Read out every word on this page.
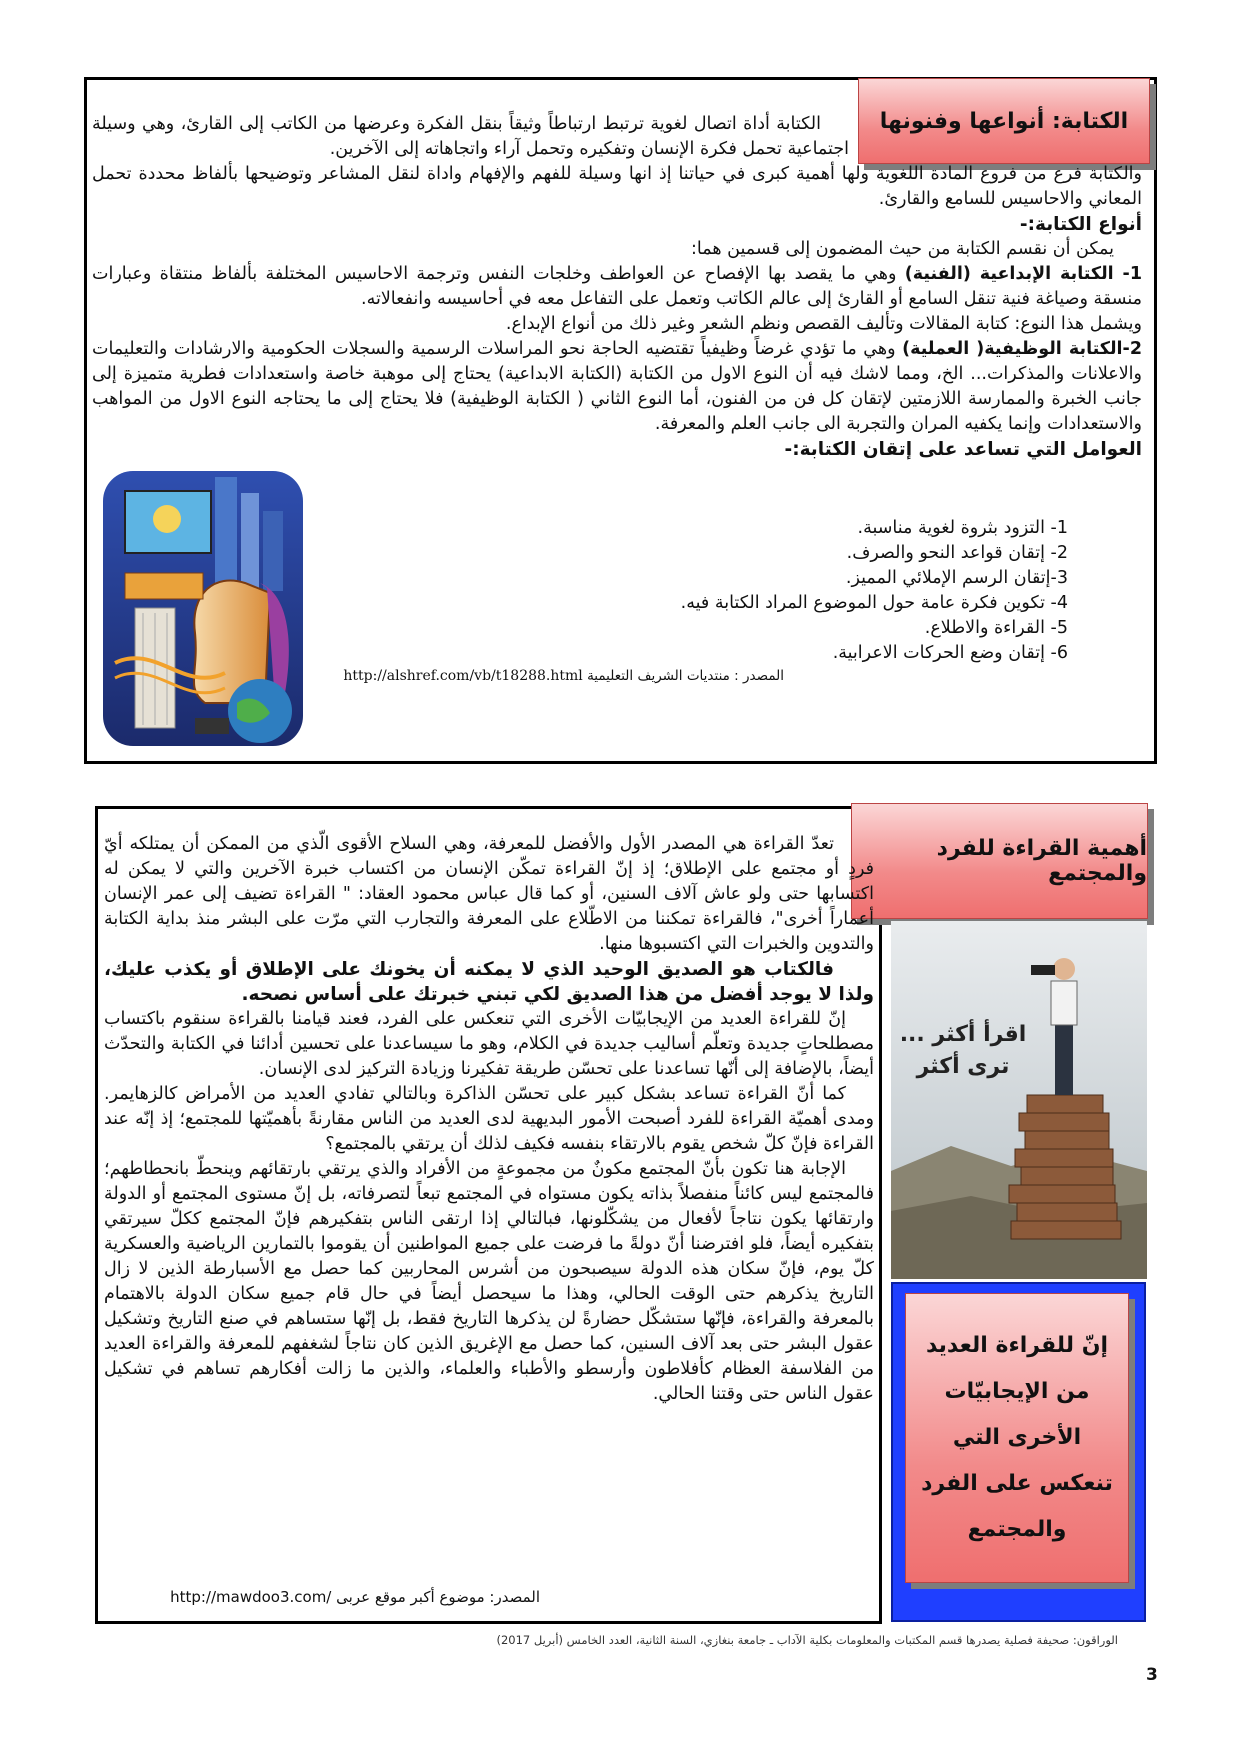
الكتابة: أنواعها وفنونها

الكتابة أداة اتصال لغوية ترتبط ارتباطاً وثيقاً بنقل الفكرة وعرضها من الكاتب إلى القارئ، وهي وسيلة اجتماعية تحمل فكرة الإنسان وتفكيره وتحمل آراء واتجاهاته إلى الآخرين.

والكتابة فرع من فروع المادة اللغوية ولها أهمية كبرى في حياتنا إذ انها وسيلة للفهم والإفهام واداة لنقل المشاعر وتوضيحها بألفاظ محددة تحمل المعاني والاحاسيس للسامع والقارئ.

أنواع الكتابة:-

يمكن أن نقسم الكتابة من حيث المضمون إلى قسمين هما:

1- الكتابة الإبداعية (الفنية) وهي ما يقصد بها الإفصاح عن العواطف وخلجات النفس وترجمة الاحاسيس المختلفة بألفاظ منتقاة وعبارات منسقة وصياغة فنية تنقل السامع أو القارئ إلى عالم الكاتب وتعمل على التفاعل معه في أحاسيسه وانفعالاته.

ويشمل هذا النوع: كتابة المقالات وتأليف القصص ونظم الشعر وغير ذلك من أنواع الإبداع.

2-الكتابة الوظيفية( العملية) وهي ما تؤدي غرضاً وظيفياً تقتضيه الحاجة نحو المراسلات الرسمية والسجلات الحكومية والارشادات والتعليمات والاعلانات والمذكرات... الخ، ومما لاشك فيه أن النوع الاول من الكتابة (الكتابة الابداعية) يحتاج إلى موهبة خاصة واستعدادات فطرية متميزة إلى جانب الخبرة والممارسة اللازمتين لإتقان كل فن من الفنون، أما النوع الثاني ( الكتابة الوظيفية) فلا يحتاج إلى ما يحتاجه النوع الاول من المواهب والاستعدادات وإنما يكفيه المران والتجربة الى جانب العلم والمعرفة.

العوامل التي تساعد على إتقان الكتابة:-

1- التزود بثروة لغوية مناسبة.
2- إتقان قواعد النحو والصرف.
3-إتقان الرسم الإملائي المميز.
4- تكوين فكرة عامة حول الموضوع المراد الكتابة فيه.
5- القراءة والاطلاع.
6- إتقان وضع الحركات الاعرابية.
المصدر : منتديات الشريف التعليمية http://alshref.com/vb/t18288.html
أهمية القراءة للفرد والمجتمع
اقرأ أكثر ...
ترى أكثر
إنّ للقراءة العديد من الإيجابيّات الأخرى التي تنعكس على الفرد والمجتمع

تعدّ القراءة هي المصدر الأول والأفضل للمعرفة، وهي السلاح الأقوى الّذي من الممكن أن يمتلكه أيّ فردٍ أو مجتمع على الإطلاق؛ إذ إنّ القراءة تمكّن الإنسان من اكتساب خبرة الآخرين والتي لا يمكن له اكتسابها حتى ولو عاش آلاف السنين، أو كما قال عباس محمود العقاد: " القراءة تضيف إلى عمر الإنسان أعماراً أخرى"، فالقراءة تمكننا من الاطّلاع على المعرفة والتجارب التي مرّت على البشر منذ بداية الكتابة والتدوين والخبرات التي اكتسبوها منها.

فالكتاب هو الصديق الوحيد الذي لا يمكنه أن يخونك على الإطلاق أو يكذب عليك، ولذا لا يوجد أفضل من هذا الصديق لكي تبني خبرتك على أساس نصحه.

إنّ للقراءة العديد من الإيجابيّات الأخرى التي تنعكس على الفرد، فعند قيامنا بالقراءة سنقوم باكتساب مصطلحاتٍ جديدة وتعلّم أساليب جديدة في الكلام، وهو ما سيساعدنا على تحسين أدائنا في الكتابة والتحدّث أيضاً، بالإضافة إلى أنّها تساعدنا على تحسّن طريقة تفكيرنا وزيادة التركيز لدى الإنسان.

كما أنّ القراءة تساعد بشكل كبير على تحسّن الذاكرة وبالتالي تفادي العديد من الأمراض كالزهايمر. ومدى أهميّة القراءة للفرد أصبحت الأمور البديهية لدى العديد من الناس مقارنةً بأهميّتها للمجتمع؛ إذ إنّه عند القراءة فإنّ كلّ شخص يقوم بالارتقاء بنفسه فكيف لذلك أن يرتقي بالمجتمع؟

الإجابة هنا تكون بأنّ المجتمع مكونٌ من مجموعةٍ من الأفراد والذي يرتقي بارتقائهم وينحطّ بانحطاطهم؛ فالمجتمع ليس كائناً منفصلاً بذاته يكون مستواه في المجتمع تبعاً لتصرفاته، بل إنّ مستوى المجتمع أو الدولة وارتقائها يكون نتاجاً لأفعال من يشكّلونها، فبالتالي إذا ارتقى الناس بتفكيرهم فإنّ المجتمع ككلّ سيرتقي بتفكيره أيضاً، فلو افترضنا أنّ دولةً ما فرضت على جميع المواطنين أن يقوموا بالتمارين الرياضية والعسكرية كلّ يوم، فإنّ سكان هذه الدولة سيصبحون من أشرس المحاربين كما حصل مع الأسبارطة الذين لا زال التاريخ يذكرهم حتى الوقت الحالي، وهذا ما سيحصل أيضاً في حال قام جميع سكان الدولة بالاهتمام بالمعرفة والقراءة، فإنّها ستشكّل حضارةً لن يذكرها التاريخ فقط، بل إنّها ستساهم في صنع التاريخ وتشكيل عقول البشر حتى بعد آلاف السنين، كما حصل مع الإغريق الذين كان نتاجاً لشغفهم للمعرفة والقراءة العديد من الفلاسفة العظام كأفلاطون وأرسطو والأطباء والعلماء، والذين ما زالت أفكارهم تساهم في تشكيل عقول الناس حتى وقتنا الحالي.

المصدر: موضوع أكبر موقع عربى http://mawdoo3.com/
الوراقون: صحيفة فصلية يصدرها قسم المكتبات والمعلومات بكلية الآداب ـ جامعة بنغازي، السنة الثانية، العدد الخامس (أبريل 2017)
3
